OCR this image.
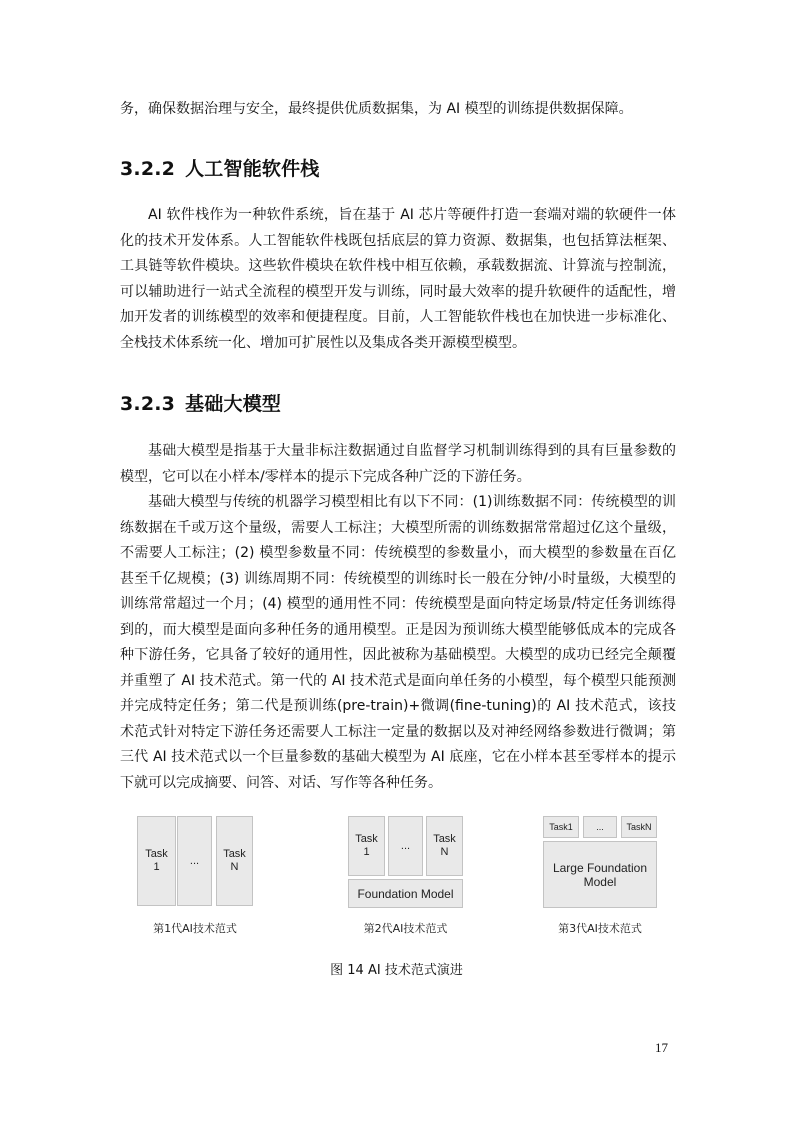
务，确保数据治理与安全，最终提供优质数据集，为 AI 模型的训练提供数据保障。

3.2.2 人工智能软件栈

AI 软件栈作为一种软件系统，旨在基于 AI 芯片等硬件打造一套端对端的软硬件一体化的技术开发体系。人工智能软件栈既包括底层的算力资源、数据集，也包括算法框架、工具链等软件模块。这些软件模块在软件栈中相互依赖，承载数据流、计算流与控制流，可以辅助进行一站式全流程的模型开发与训练，同时最大效率的提升软硬件的适配性，增加开发者的训练模型的效率和便捷程度。目前，人工智能软件栈也在加快进一步标准化、全栈技术体系统一化、增加可扩展性以及集成各类开源模型模型。

3.2.3 基础大模型

基础大模型是指基于大量非标注数据通过自监督学习机制训练得到的具有巨量参数的模型，它可以在小样本/零样本的提示下完成各种广泛的下游任务。

基础大模型与传统的机器学习模型相比有以下不同：(1)训练数据不同：传统模型的训练数据在千或万这个量级，需要人工标注；大模型所需的训练数据常常超过亿这个量级，不需要人工标注；(2) 模型参数量不同：传统模型的参数量小，而大模型的参数量在百亿甚至千亿规模；(3) 训练周期不同：传统模型的训练时长一般在分钟/小时量级，大模型的训练常常超过一个月；(4) 模型的通用性不同：传统模型是面向特定场景/特定任务训练得到的，而大模型是面向多种任务的通用模型。正是因为预训练大模型能够低成本的完成各种下游任务，它具备了较好的通用性，因此被称为基础模型。大模型的成功已经完全颠覆并重塑了 AI 技术范式。第一代的 AI 技术范式是面向单任务的小模型，每个模型只能预测并完成特定任务；第二代是预训练(pre-train)+微调(fine-tuning)的 AI 技术范式，该技术范式针对特定下游任务还需要人工标注一定量的数据以及对神经网络参数进行微调；第三代 AI 技术范式以一个巨量参数的基础大模型为 AI 底座，它在小样本甚至零样本的提示下就可以完成摘要、问答、对话、写作等各种任务。

Task
1
...
Task
N
第1代AI技术范式
Task
1
...
Task
N
Foundation Model
第2代AI技术范式
Task1	...	TaskN
Large Foundation
Model
第3代AI技术范式

图 14 AI 技术范式演进

17
